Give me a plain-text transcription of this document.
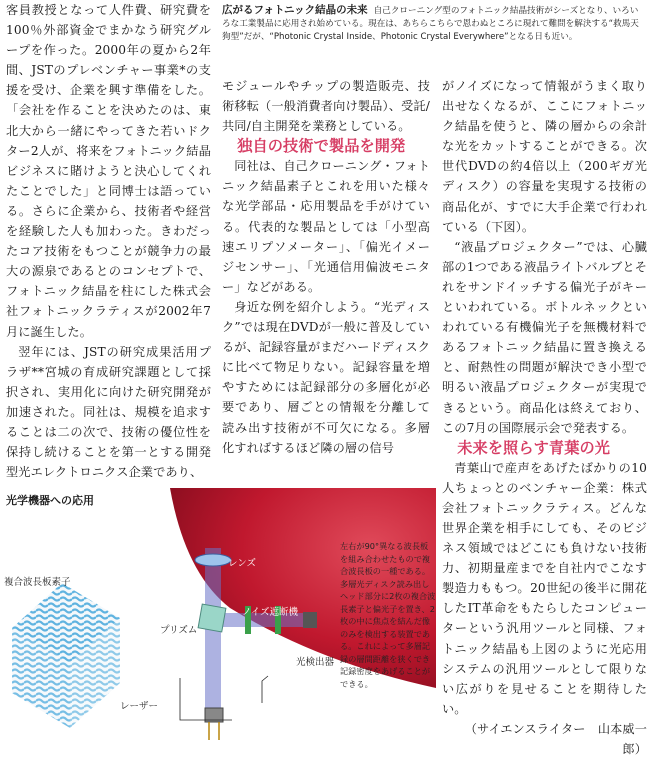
広がるフォトニック結晶の未来 自己クローニング型のフォトニック結晶技術がシーズとなり、いろいろな工業製品に応用され始めている。現在は、あちらこちらで恩わぬところに現れて難問を解決する“救馬天狗型”だが、“Photonic Crystal Inside、Photonic Crystal Everywhere”となる日も近い。

客員教授となって人件費、研究費を100％外部資金でまかなう研究グループを作った。2000年の夏から2年間、JSTのプレベンチャー事業*の支援を受け、企業を興す準備をした。「会社を作ることを決めたのは、東北大から一緒にやってきた若いドクター2人が、将来をフォトニック結晶ビジネスに賭けようと決心してくれたことでした」と同博士は語っている。さらに企業から、技術者や経営を経験した人も加わった。きわだったコア技術をもつことが競争力の最大の源泉であるとのコンセプトで、フォトニック結晶を柱にした株式会社フォトニックラティスが2002年7月に誕生した。

翌年には、JSTの研究成果活用プラザ**宮城の育成研究課題として採択され、実用化に向けた研究開発が加速された。同社は、規模を追求することは二の次で、技術の優位性を保持し続けることを第一とする開発型光エレクトロニクス企業であり、

モジュールやチップの製造販売、技術移転（一般消費者向け製品）、受託/共同/自主開発を業務としている。

独自の技術で製品を開発

同社は、自己クローニング・フォトニック結晶素子とこれを用いた様々な光学部品・応用製品を手がけている。代表的な製品としては「小型高速エリプソメーター」、「偏光イメージセンサー」、「光通信用偏波モニター」などがある。

身近な例を紹介しよう。“光ディスク”では現在DVDが一般に普及しているが、記録容量がまだハードディスクに比べて物足りない。記録容量を増やすためには記録部分の多層化が必要であり、層ごとの情報を分離して読み出す技術が不可欠になる。多層化すればするほど隣の層の信号

がノイズになって情報がうまく取り出せなくなるが、ここにフォトニック結晶を使うと、隣の層からの余計な光をカットすることができる。次世代DVDの約4倍以上（200ギガ光ディスク）の容量を実現する技術の商品化が、すでに大手企業で行われている（下図）。

“液晶プロジェクター”では、心臓部の1つである液晶ライトバルブとそれをサンドイッチする偏光子がキーといわれている。ボトルネックといわれている有機偏光子を無機材料であるフォトニック結晶に置き換えると、耐熱性の問題が解決でき小型で明るい液晶プロジェクターが実現できるという。商品化は終えており、この7月の国際展示会で発表する。

未来を照らす青葉の光

青葉山で産声をあげたばかりの10人ちょっとのベンチャー企業：株式会社フォトニックラティス。どんな世界企業を相手にしても、そのビジネス領域ではどこにも負けない技術力、初期量産までを自社内でこなす製造力ももつ。20世紀の後半に開花したIT革命をもたらしたコンピューターという汎用ツールと同様、フォトニック結晶も上図のように光応用システムの汎用ツールとして限りない広がりを見せることを期待したい。

（サイエンスライター　山本威一郎）

光学機器への応用
複合波長板素子
レンズ
ノイズ遮断機
プリズム
光検出器
レーザー
左右が90°異なる波長板を組み合わせたもので複合波長板の一種である。多層光ディスク読み出しヘッド部分に2枚の複合波長素子と偏光子を置き、2枚の中に焦点を結んだ像のみを検出する装置である。これによって多層記録の層間距離を狭くでき記録密度をあげることができる。
